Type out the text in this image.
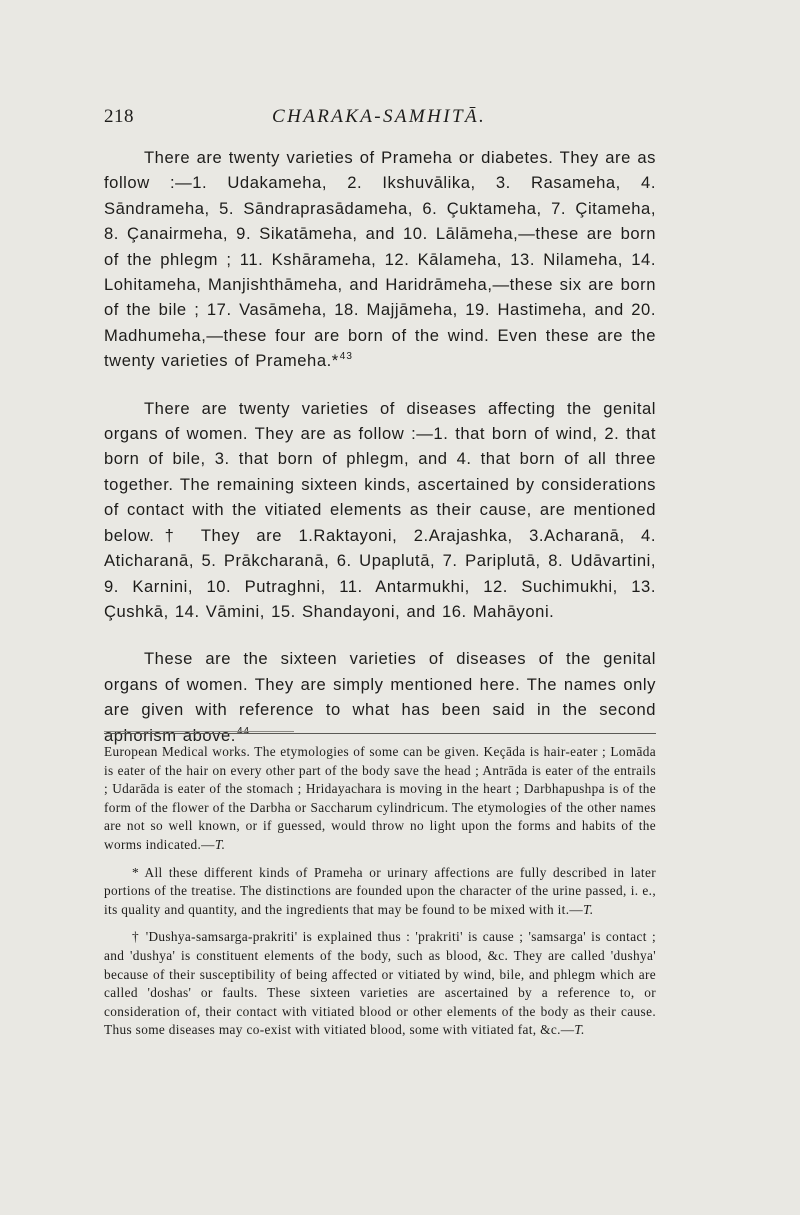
218	CHARAKA-SAMHITĀ.

There are twenty varieties of Prameha or diabetes. They are as follow :—1. Udakameha, 2. Ikshuvālika, 3. Rasameha, 4. Sāndrameha, 5. Sāndraprasādameha, 6. Çuktameha, 7. Çitameha, 8. Çanairmeha, 9. Sikatāmeha, and 10. Lālāmeha,—these are born of the phlegm ; 11. Kshārameha, 12. Kālameha, 13. Nilameha, 14. Lohitameha, Manjishthāmeha, and Haridrāmeha,—these six are born of the bile ; 17. Vasāmeha, 18. Majjāmeha, 19. Hastimeha, and 20. Madhumeha,—these four are born of the wind. Even these are the twenty varieties of Prameha.*$^{43}$

There are twenty varieties of diseases affecting the genital organs of women. They are as follow :—1. that born of wind, 2. that born of bile, 3. that born of phlegm, and 4. that born of all three together. The remaining sixteen kinds, ascertained by considerations of contact with the vitiated elements as their cause, are mentioned below.† They are 1.Raktayoni, 2.Arajashka, 3.Acharanā, 4. Aticharanā, 5. Prākcharanā, 6. Upaplutā, 7. Pariplutā, 8. Udāvartini, 9. Karnini, 10. Putraghni, 11. Antarmukhi, 12. Suchimukhi, 13. Çushkā, 14. Vāmini, 15. Shandayoni, and 16. Mahāyoni.

These are the sixteen varieties of diseases of the genital organs of women. They are simply mentioned here. The names only are given with reference to what has been said in the second aphorism above.$^{44}$

European Medical works. The etymologies of some can be given. Keçāda is hair-eater ; Lomāda is eater of the hair on every other part of the body save the head ; Antrāda is eater of the entrails ; Udarāda is eater of the stomach ; Hridayachara is moving in the heart ; Darbhapushpa is of the form of the flower of the Darbha or Saccharum cylindricum. The etymologies of the other names are not so well known, or if guessed, would throw no light upon the forms and habits of the worms indicated.—T.

* All these different kinds of Prameha or urinary affections are fully described in later portions of the treatise. The distinctions are founded upon the character of the urine passed, i. e., its quality and quantity, and the ingredients that may be found to be mixed with it.—T.

† 'Dushya-samsarga-prakriti' is explained thus : 'prakriti' is cause ; 'samsarga' is contact ; and 'dushya' is constituent elements of the body, such as blood, &c. They are called 'dushya' because of their susceptibility of being affected or vitiated by wind, bile, and phlegm which are called 'doshas' or faults. These sixteen varieties are ascertained by a reference to, or consideration of, their contact with vitiated blood or other elements of the body as their cause. Thus some diseases may co-exist with vitiated blood, some with vitiated fat, &c.—T.
